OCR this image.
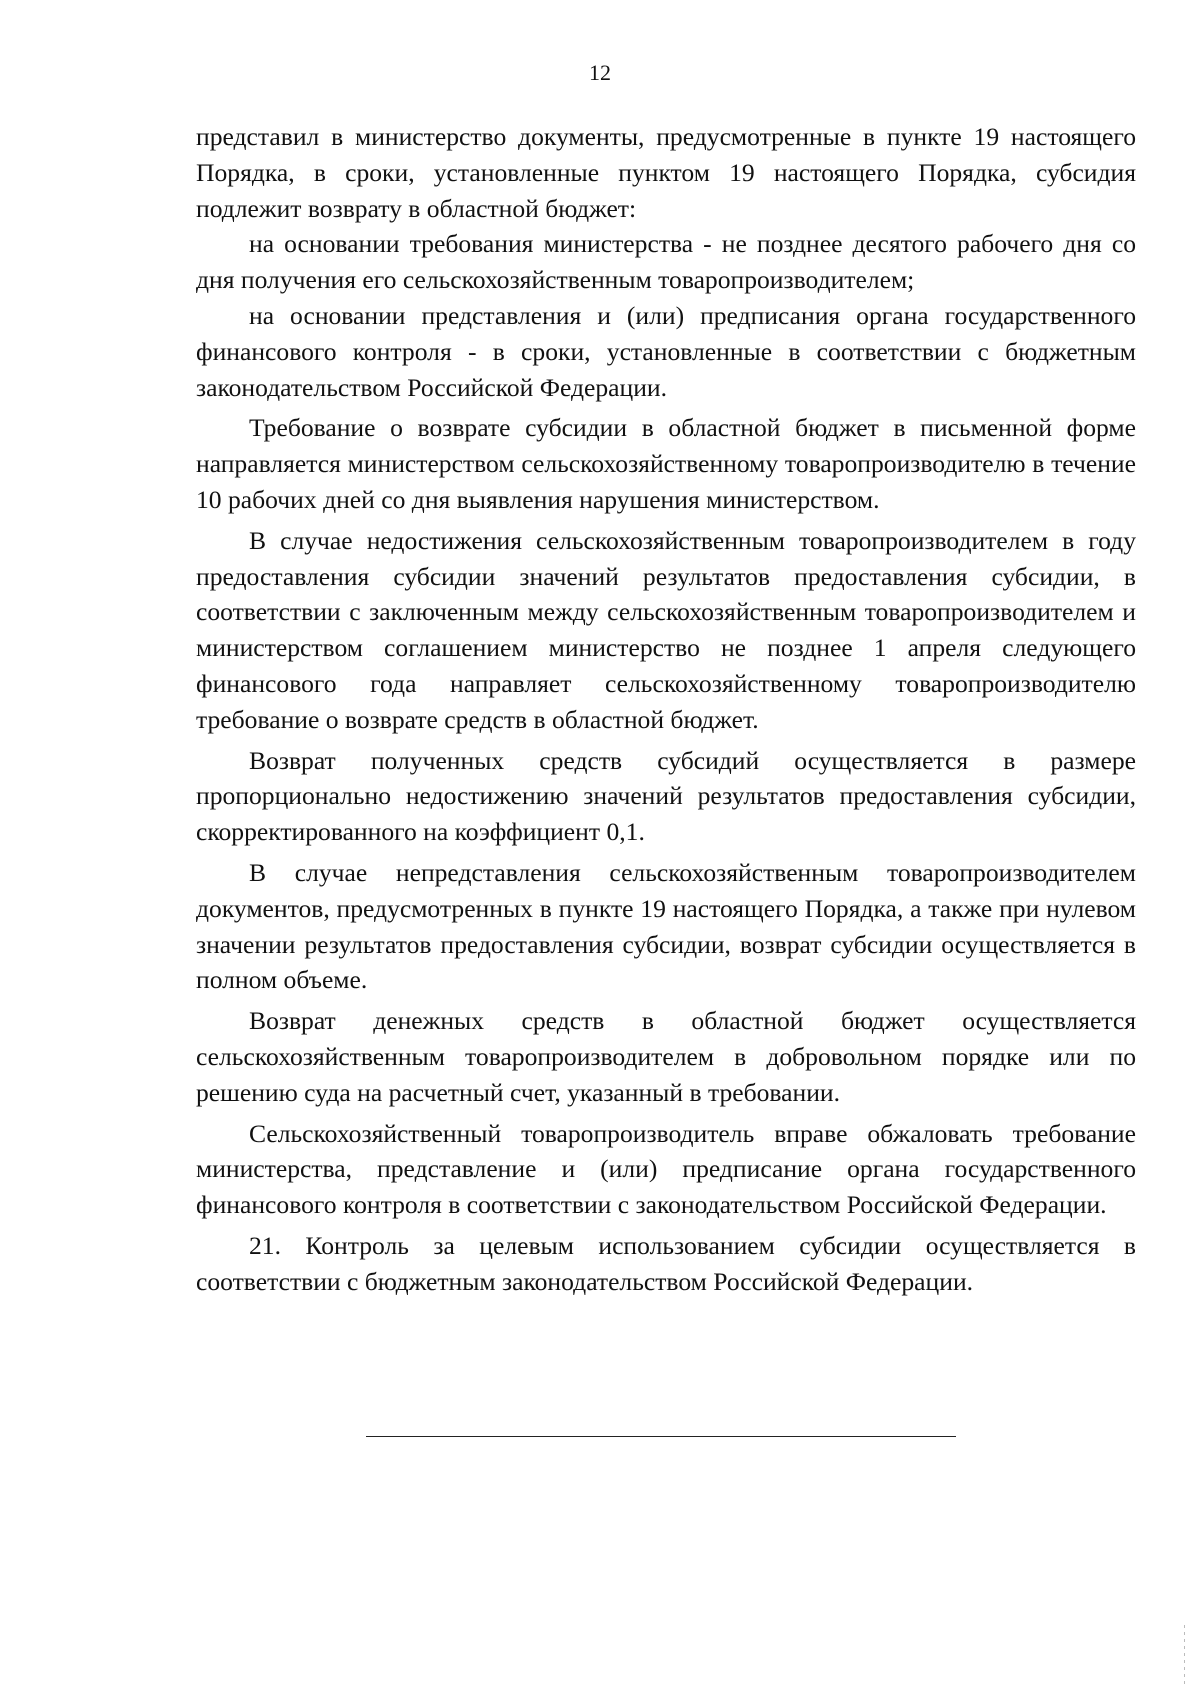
12

представил в министерство документы, предусмотренные в пункте 19 настоящего Порядка, в сроки, установленные пунктом 19 настоящего Порядка, субсидия подлежит возврату в областной бюджет:

на основании требования министерства - не позднее десятого рабочего дня со дня получения его сельскохозяйственным товаропроизводителем;

на основании представления и (или) предписания органа государственного финансового контроля - в сроки, установленные в соответствии с бюджетным законодательством Российской Федерации.

Требование о возврате субсидии в областной бюджет в письменной форме направляется министерством сельскохозяйственному товаропроизводителю в течение 10 рабочих дней со дня выявления нарушения министерством.

В случае недостижения сельскохозяйственным товаропроизводителем в году предоставления субсидии значений результатов предоставления субсидии, в соответствии с заключенным между сельскохозяйственным товаропроизводителем и министерством соглашением министерство не позднее 1 апреля следующего финансового года направляет сельскохозяйственному товаропроизводителю требование о возврате средств в областной бюджет.

Возврат полученных средств субсидий осуществляется в размере пропорционально недостижению значений результатов предоставления субсидии, скорректированного на коэффициент 0,1.

В случае непредставления сельскохозяйственным товаропроизводителем документов, предусмотренных в пункте 19 настоящего Порядка, а также при нулевом значении результатов предоставления субсидии, возврат субсидии осуществляется в полном объеме.

Возврат денежных средств в областной бюджет осуществляется сельскохозяйственным товаропроизводителем в добровольном порядке или по решению суда на расчетный счет, указанный в требовании.

Сельскохозяйственный товаропроизводитель вправе обжаловать требование министерства, представление и (или) предписание органа государственного финансового контроля в соответствии с законодательством Российской Федерации.

21. Контроль за целевым использованием субсидии осуществляется в соответствии с бюджетным законодательством Российской Федерации.
